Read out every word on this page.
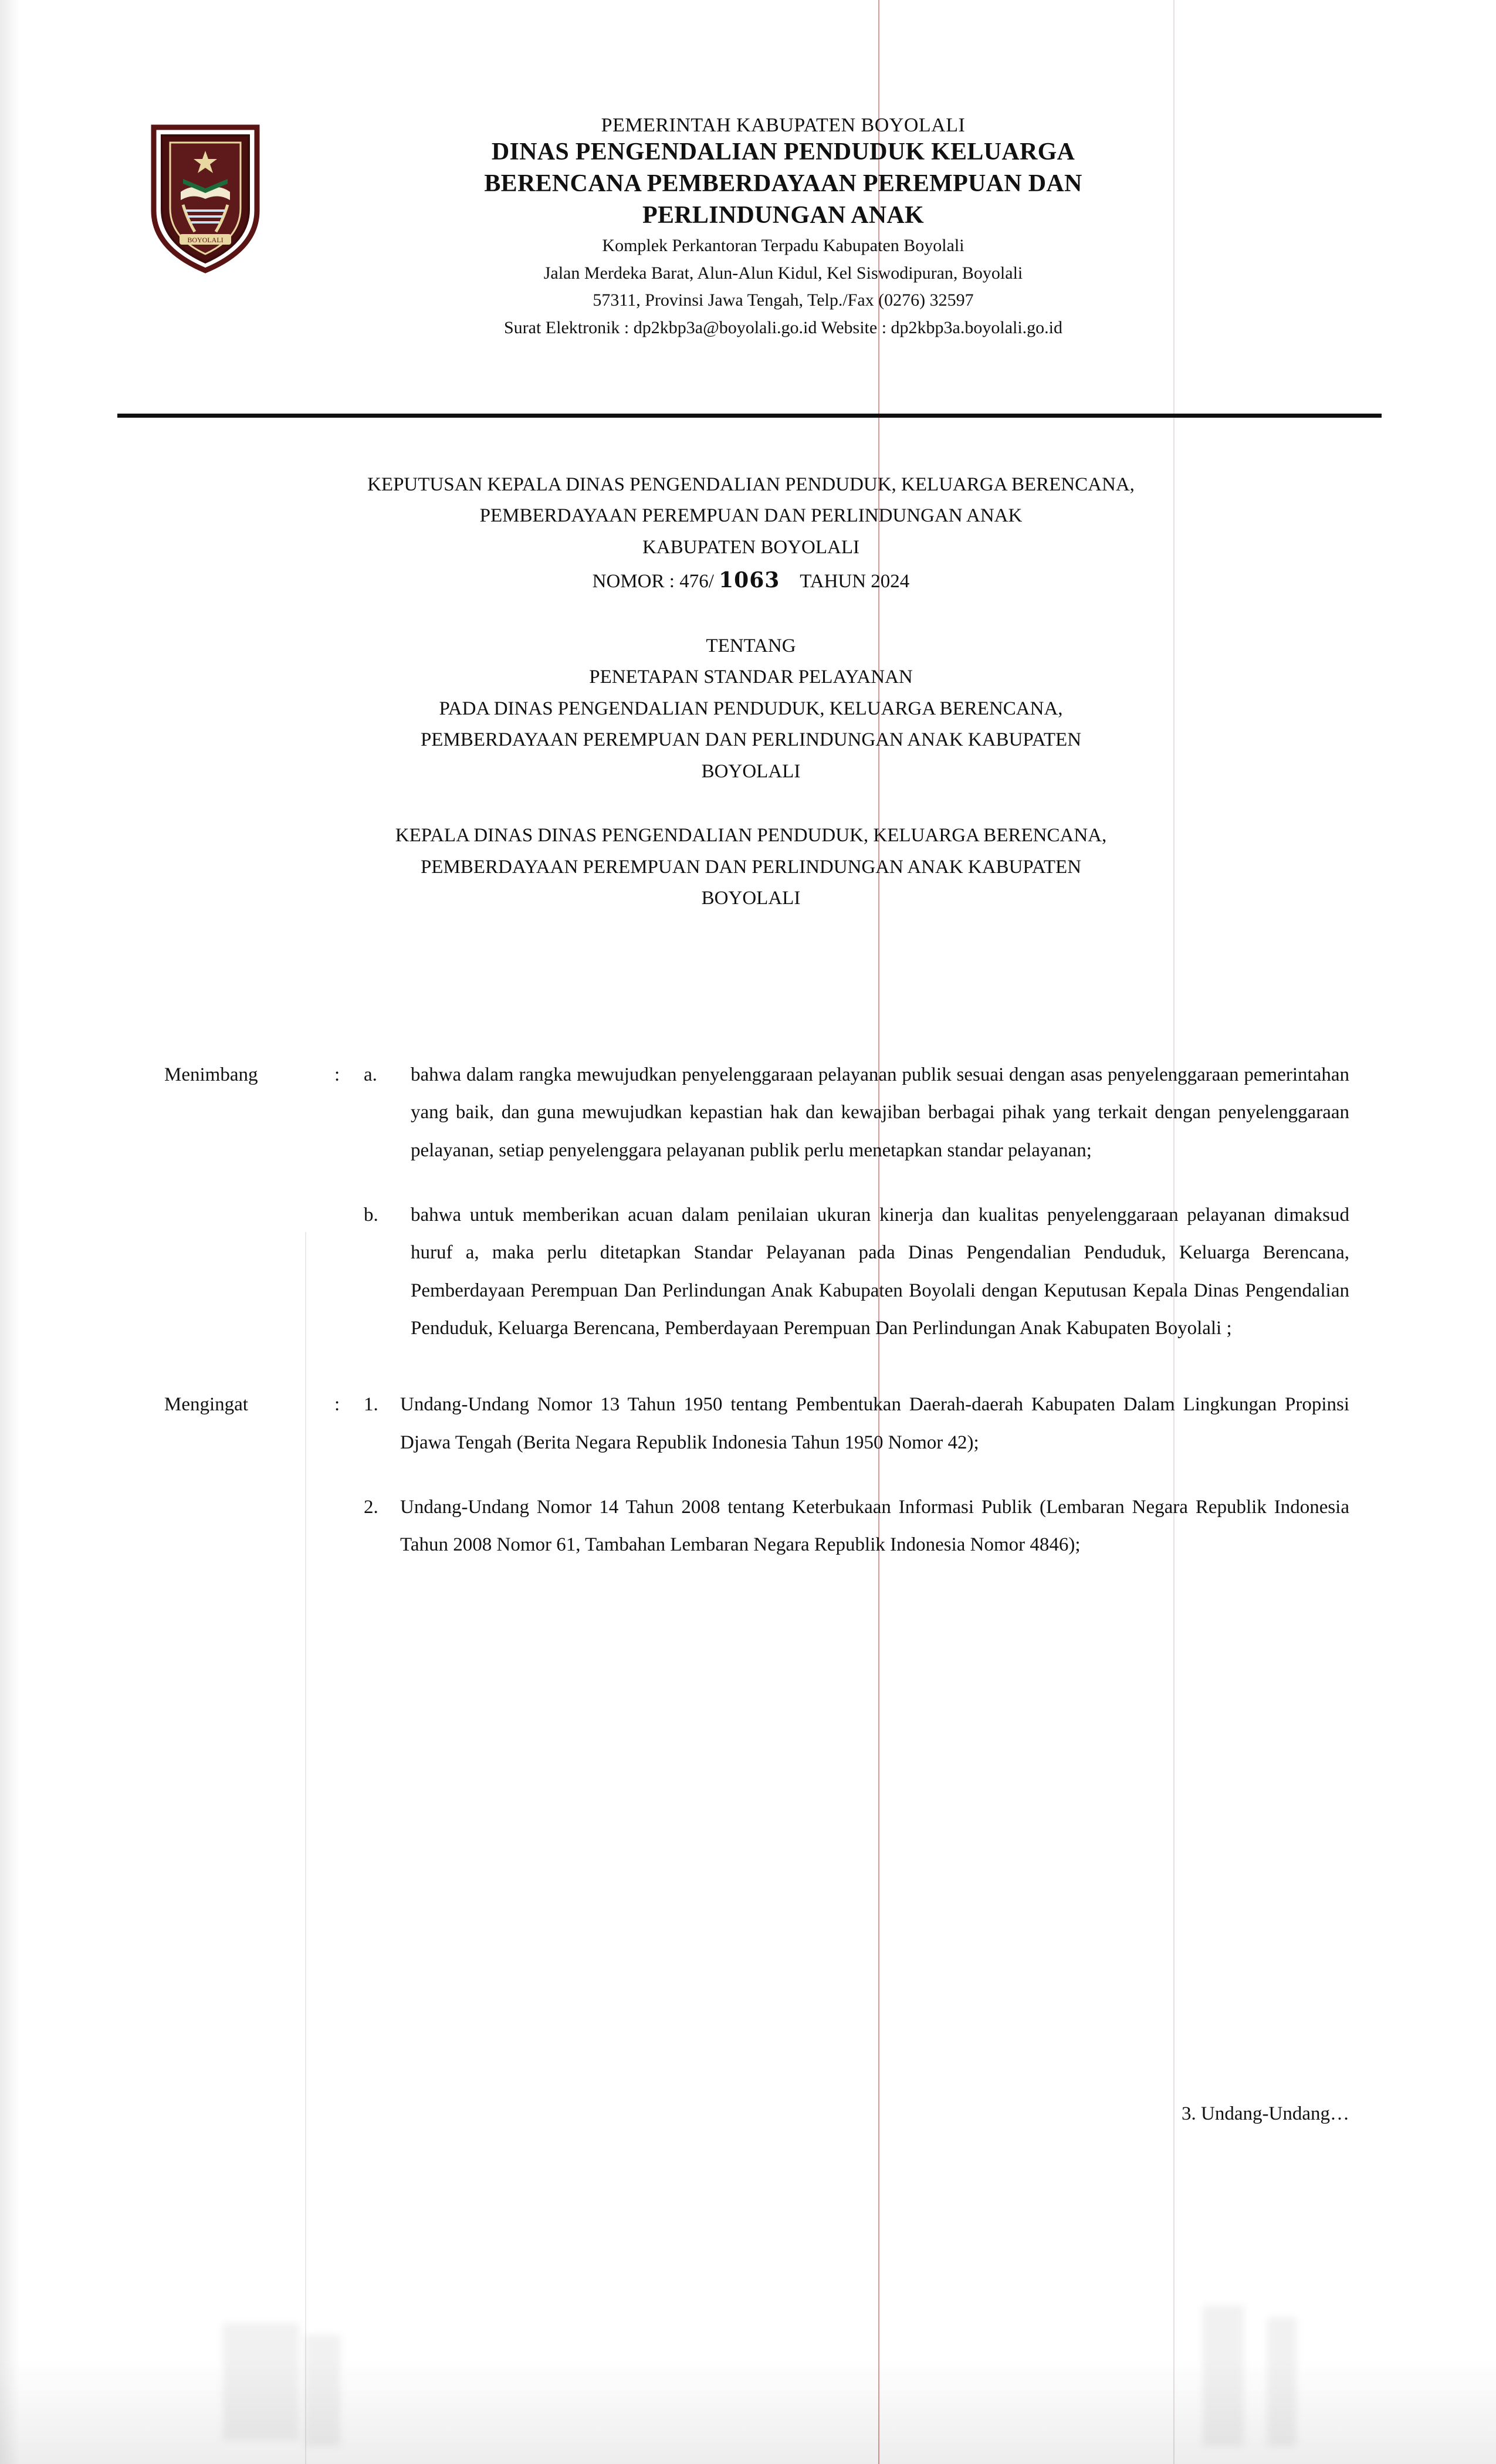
BOYOLALI
PEMERINTAH KABUPATEN BOYOLALI
DINAS PENGENDALIAN PENDUDUK KELUARGA
BERENCANA PEMBERDAYAAN PEREMPUAN DAN
PERLINDUNGAN ANAK
Komplek Perkantoran Terpadu Kabupaten Boyolali
Jalan Merdeka Barat, Alun-Alun Kidul, Kel Siswodipuran, Boyolali
57311, Provinsi Jawa Tengah, Telp./Fax (0276) 32597
Surat Elektronik : dp2kbp3a@boyolali.go.id Website : dp2kbp3a.boyolali.go.id
KEPUTUSAN KEPALA DINAS PENGENDALIAN PENDUDUK, KELUARGA BERENCANA,
PEMBERDAYAAN PEREMPUAN DAN PERLINDUNGAN ANAK
KABUPATEN BOYOLALI
NOMOR : 476/ 1063 TAHUN 2024
TENTANG
PENETAPAN STANDAR PELAYANAN
PADA DINAS PENGENDALIAN PENDUDUK, KELUARGA BERENCANA,
PEMBERDAYAAN PEREMPUAN DAN PERLINDUNGAN ANAK KABUPATEN
BOYOLALI
KEPALA DINAS DINAS PENGENDALIAN PENDUDUK, KELUARGA BERENCANA,
PEMBERDAYAAN PEREMPUAN DAN PERLINDUNGAN ANAK KABUPATEN
BOYOLALI
Menimbang	:	a.	bahwa dalam rangka mewujudkan penyelenggaraan pelayanan publik sesuai dengan asas penyelenggaraan pemerintahan yang baik, dan guna mewujudkan kepastian hak dan kewajiban berbagai pihak yang terkait dengan penyelenggaraan pelayanan, setiap penyelenggara pelayanan publik perlu menetapkan standar pelayanan;
b.	bahwa untuk memberikan acuan dalam penilaian ukuran kinerja dan kualitas penyelenggaraan pelayanan dimaksud huruf a, maka perlu ditetapkan Standar Pelayanan pada Dinas Pengendalian Penduduk, Keluarga Berencana, Pemberdayaan Perempuan Dan Perlindungan Anak Kabupaten Boyolali dengan Keputusan Kepala Dinas Pengendalian Penduduk, Keluarga Berencana, Pemberdayaan Perempuan Dan Perlindungan Anak Kabupaten Boyolali ;
Mengingat	:	1.	Undang-Undang Nomor 13 Tahun 1950 tentang Pembentukan Daerah-daerah Kabupaten Dalam Lingkungan Propinsi Djawa Tengah (Berita Negara Republik Indonesia Tahun 1950 Nomor 42);
2.	Undang-Undang Nomor 14 Tahun 2008 tentang Keterbukaan Informasi Publik (Lembaran Negara Republik Indonesia Tahun 2008 Nomor 61, Tambahan Lembaran Negara Republik Indonesia Nomor 4846);
3. Undang-Undang…
